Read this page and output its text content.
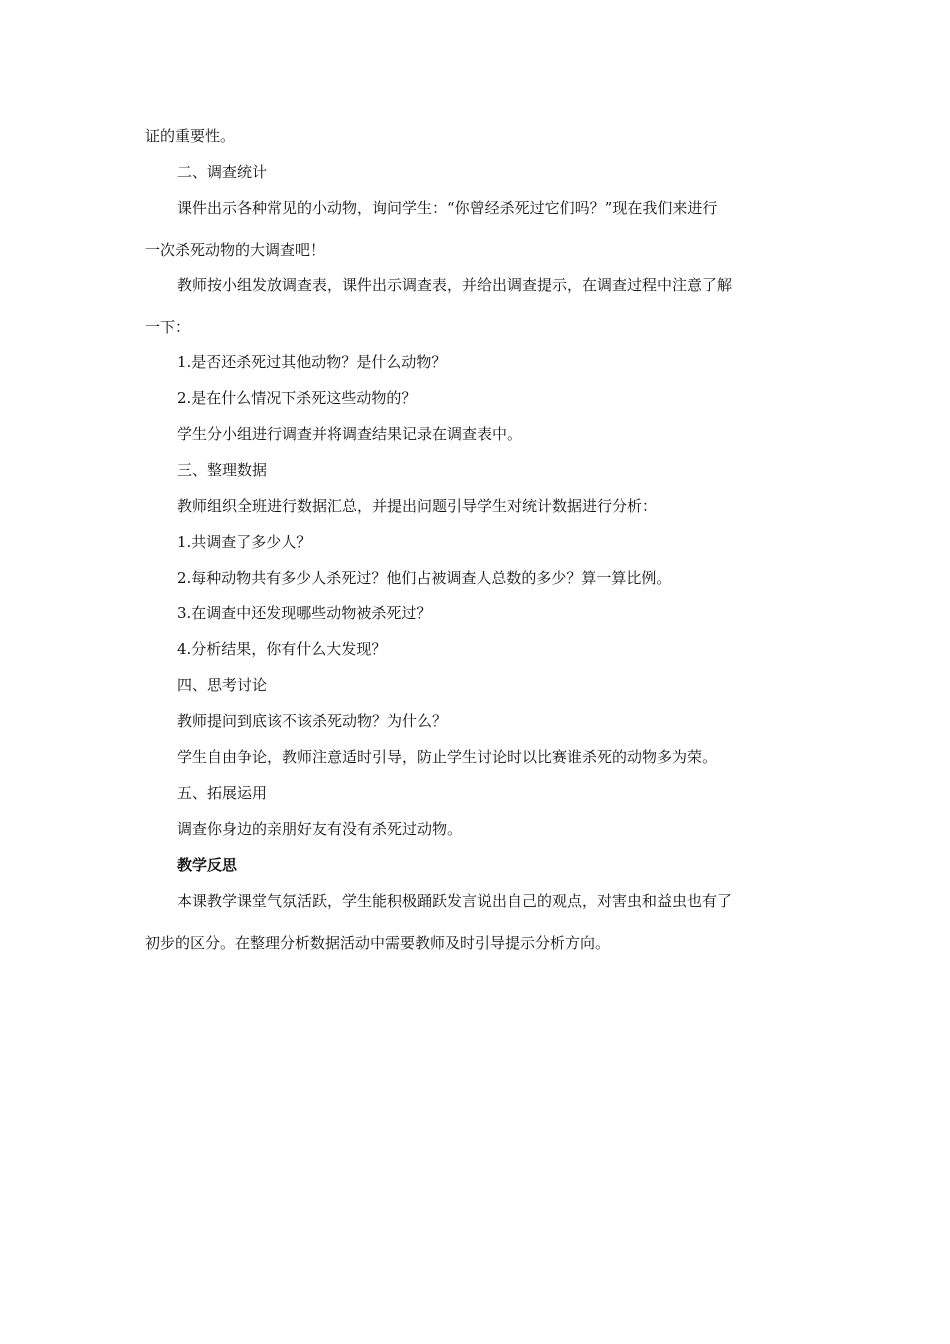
证的重要性。
二、调查统计
课件出示各种常见的小动物，询问学生：“你曾经杀死过它们吗？”现在我们来进行
一次杀死动物的大调查吧！
教师按小组发放调查表，课件出示调查表，并给出调查提示，在调查过程中注意了解
一下：
1.是否还杀死过其他动物？是什么动物？
2.是在什么情况下杀死这些动物的？
学生分小组进行调查并将调查结果记录在调查表中。
三、整理数据
教师组织全班进行数据汇总，并提出问题引导学生对统计数据进行分析：
1.共调查了多少人？
2.每种动物共有多少人杀死过？他们占被调查人总数的多少？算一算比例。
3.在调查中还发现哪些动物被杀死过？
4.分析结果，你有什么大发现？
四、思考讨论
教师提问到底该不该杀死动物？为什么？
学生自由争论，教师注意适时引导，防止学生讨论时以比赛谁杀死的动物多为荣。
五、拓展运用
调查你身边的亲朋好友有没有杀死过动物。
教学反思
本课教学课堂气氛活跃，学生能积极踊跃发言说出自己的观点，对害虫和益虫也有了
初步的区分。在整理分析数据活动中需要教师及时引导提示分析方向。
